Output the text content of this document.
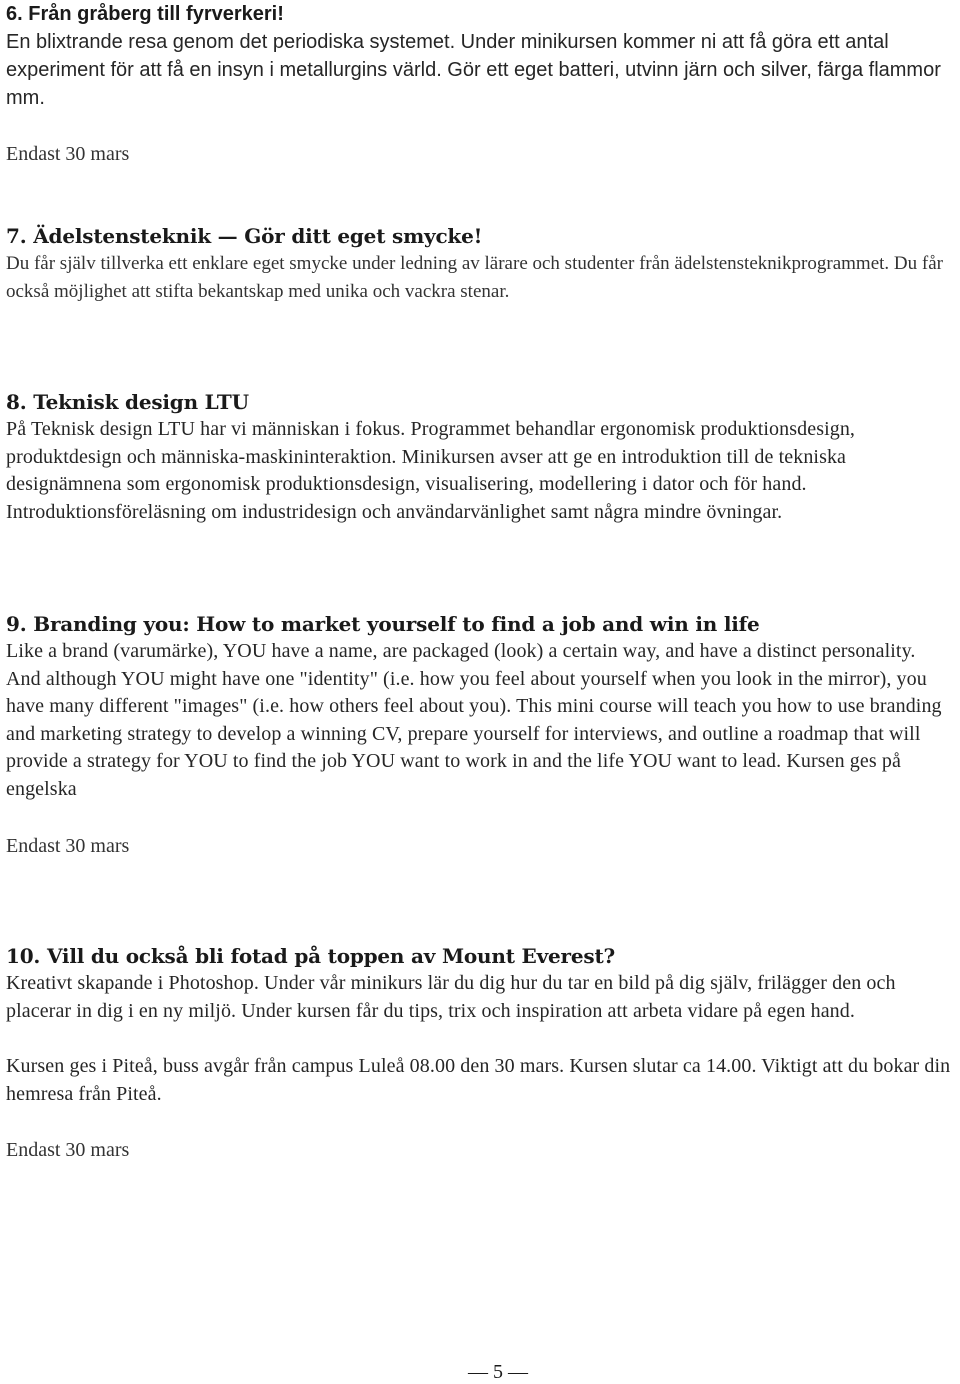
6. Från gråberg till fyrverkeri!

En blixtrande resa genom det periodiska systemet. Under minikursen kommer ni att få göra ett antal experiment för att få en insyn i metallurgins värld. Gör ett eget batteri, utvinn järn och silver, färga flammor mm.

Endast 30 mars

7. Ädelstensteknik — Gör ditt eget smycke!

Du får själv tillverka ett enklare eget smycke under ledning av lärare och studenter från ädelstensteknikprogrammet. Du får också möjlighet att stifta bekantskap med unika och vackra stenar.

8. Teknisk design LTU

På Teknisk design LTU har vi människan i fokus. Programmet behandlar ergonomisk produktionsdesign, produktdesign och människa-maskininteraktion. Minikursen avser att ge en introduktion till de tekniska designämnena som ergonomisk produktionsdesign, visualisering, modellering i dator och för hand. Introduktionsföreläsning om industridesign och användarvänlighet samt några mindre övningar.

9. Branding you: How to market yourself to find a job and win in life

Like a brand (varumärke), YOU have a name, are packaged (look) a certain way, and have a distinct personality. And although YOU might have one "identity" (i.e. how you feel about yourself when you look in the mirror), you have many different "images" (i.e. how others feel about you). This mini course will teach you how to use branding and marketing strategy to develop a winning CV, prepare yourself for interviews, and outline a roadmap that will provide a strategy for YOU to find the job YOU want to work in and the life YOU want to lead. Kursen ges på engelska

Endast 30 mars

10. Vill du också bli fotad på toppen av Mount Everest?

Kreativt skapande i Photoshop. Under vår minikurs lär du dig hur du tar en bild på dig själv, frilägger den och placerar in dig i en ny miljö. Under kursen får du tips, trix och inspiration att arbeta vidare på egen hand.

Kursen ges i Piteå, buss avgår från campus Luleå 08.00 den 30 mars. Kursen slutar ca 14.00. Viktigt att du bokar din hemresa från Piteå.

Endast 30 mars

— 5 —
